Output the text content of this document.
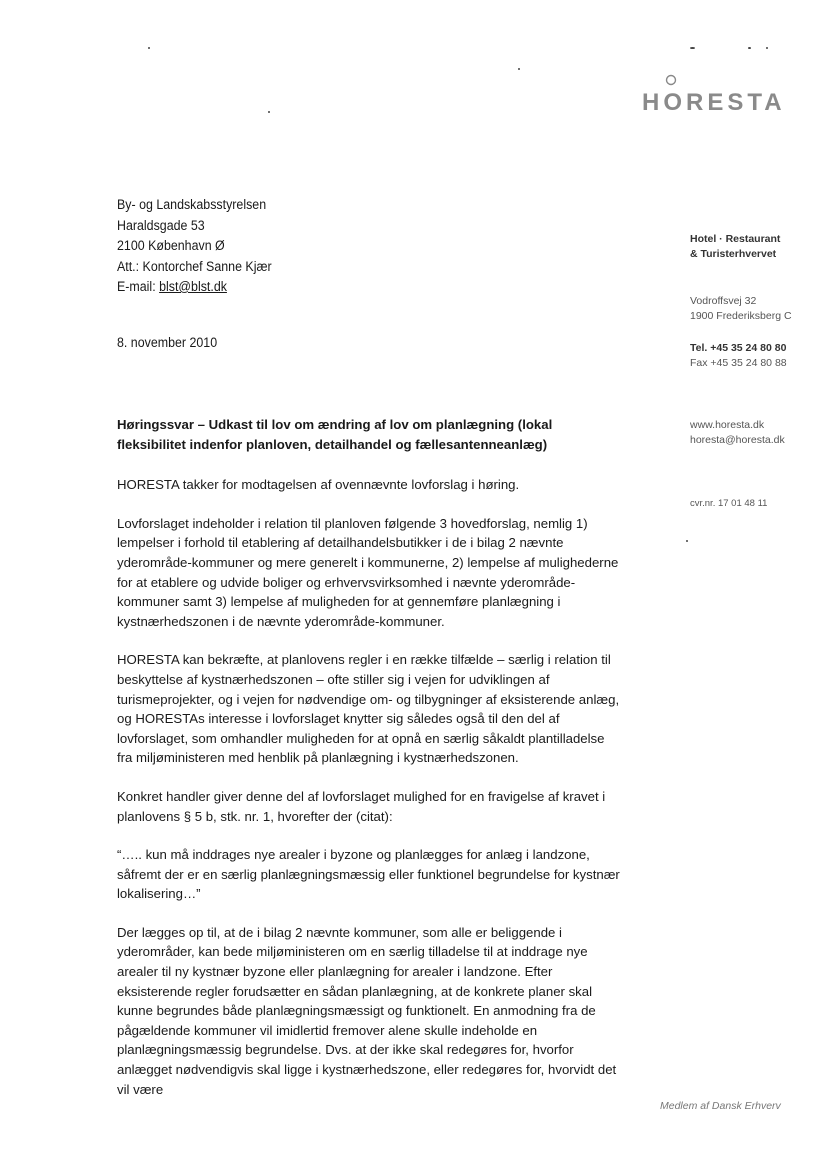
HORESTA
By- og Landskabsstyrelsen
Haraldsgade 53
2100 København Ø
Att.: Kontorchef Sanne Kjær
E-mail: blst@blst.dk
8. november 2010
Hotel · Restaurant
& Turisterhvervet
Vodroffsvej 32
1900 Frederiksberg C
Tel. +45 35 24 80 80
Fax +45 35 24 80 88
www.horesta.dk
horesta@horesta.dk
cvr.nr. 17 01 48 11

Høringssvar – Udkast til lov om ændring af lov om planlægning (lokal fleksibilitet indenfor planloven, detailhandel og fællesantenneanlæg)

HORESTA takker for modtagelsen af ovennævnte lovforslag i høring.

Lovforslaget indeholder i relation til planloven følgende 3 hovedforslag, nemlig 1) lempelser i forhold til etablering af detailhandelsbutikker i de i bilag 2 nævnte yderområde-kommuner og mere generelt i kommunerne, 2) lempelse af mulighederne for at etablere og udvide boliger og erhvervsvirksomhed i nævnte yderområde-kommuner samt 3) lempelse af muligheden for at gennemføre planlægning i kystnærhedszonen i de nævnte yderområde-kommuner.

HORESTA kan bekræfte, at planlovens regler i en række tilfælde – særlig i relation til beskyttelse af kystnærhedszonen – ofte stiller sig i vejen for udviklingen af turismeprojekter, og i vejen for nødvendige om- og tilbygninger af eksisterende anlæg, og HORESTAs interesse i lovforslaget knytter sig således også til den del af lovforslaget, som omhandler muligheden for at opnå en særlig såkaldt plantilladelse fra miljøministeren med henblik på planlægning i kystnærhedszonen.

Konkret handler giver denne del af lovforslaget mulighed for en fravigelse af kravet i planlovens § 5 b, stk. nr. 1, hvorefter der (citat):

“….. kun må inddrages nye arealer i byzone og planlægges for anlæg i landzone, såfremt der er en særlig planlægningsmæssig eller funktionel begrundelse for kystnær lokalisering…”

Der lægges op til, at de i bilag 2 nævnte kommuner, som alle er beliggende i yderområder, kan bede miljøministeren om en særlig tilladelse til at inddrage nye arealer til ny kystnær byzone eller planlægning for arealer i landzone. Efter eksisterende regler forudsætter en sådan planlægning, at de konkrete planer skal kunne begrundes både planlægningsmæssigt og funktionelt. En anmodning fra de pågældende kommuner vil imidlertid fremover alene skulle indeholde en planlægningsmæssig begrundelse. Dvs. at der ikke skal redegøres for, hvorfor anlægget nødvendigvis skal ligge i kystnærhedszone, eller redegøres for, hvorvidt det vil være

Medlem af Dansk Erhverv
